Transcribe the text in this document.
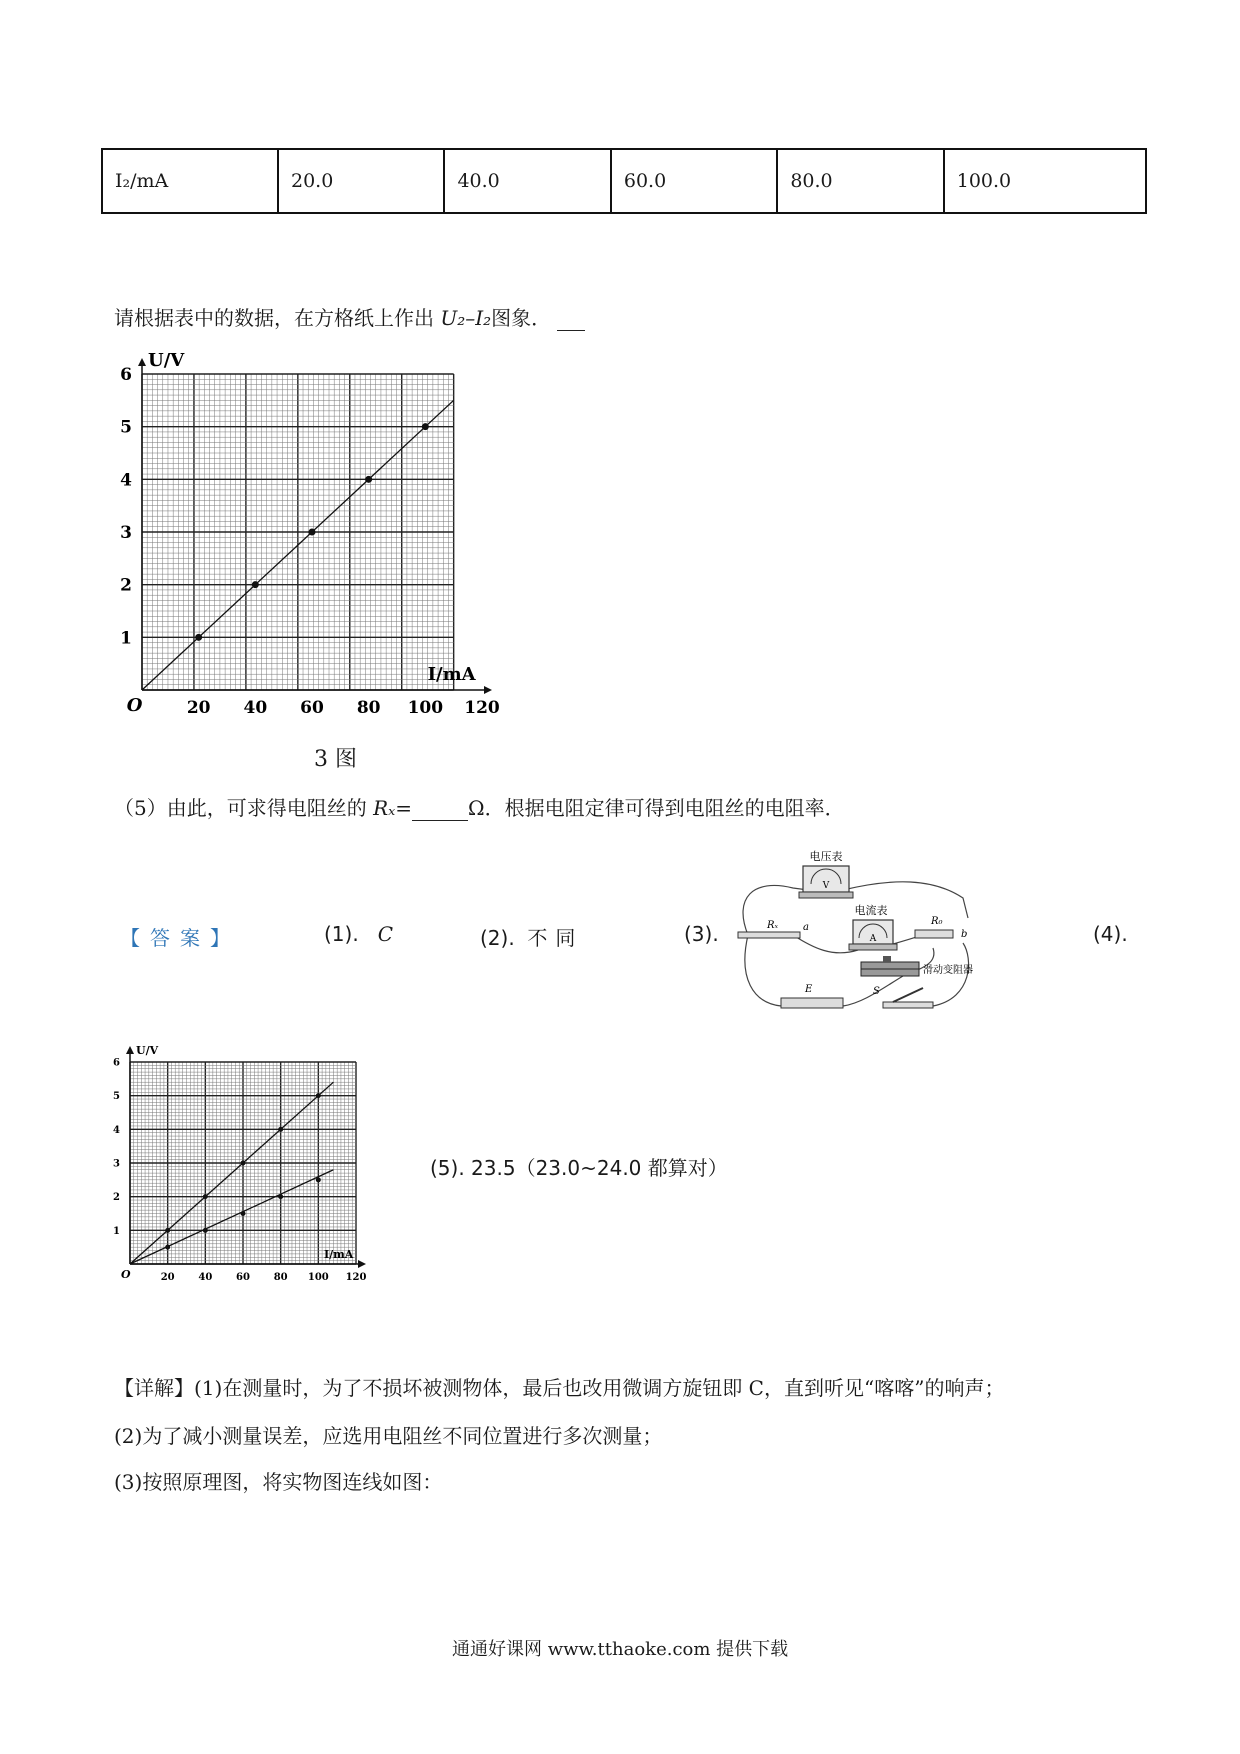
I₂/mA	20.0	40.0	60.0	80.0	100.0
请根据表中的数据，在方格纸上作出 U₂–I₂图象．
20 40 60 80 100 120
1
2
3
4
5
6
O
I/mA
U/V
3 图
（5）由此，可求得电阻丝的 Rₓ=	Ω．根据电阻定律可得到电阻丝的电阻率．
【答案】	(1). C	(2). 不同	(3).	(4).
V
电压表
A
电流表
Rₓ a
R₀
b
滑动变阻器
E	S
20 40 60 80 100 120
1
2
3
4
5
6
O
I/mA
U/V
(5). 23.5（23.0~24.0 都算对）
【详解】(1)在测量时，为了不损坏被测物体，最后也改用微调方旋钮即 C，直到听见“喀喀”的响声；
(2)为了减小测量误差，应选用电阻丝不同位置进行多次测量；
(3)按照原理图，将实物图连线如图：
通通好课网 www.tthaoke.com 提供下载
